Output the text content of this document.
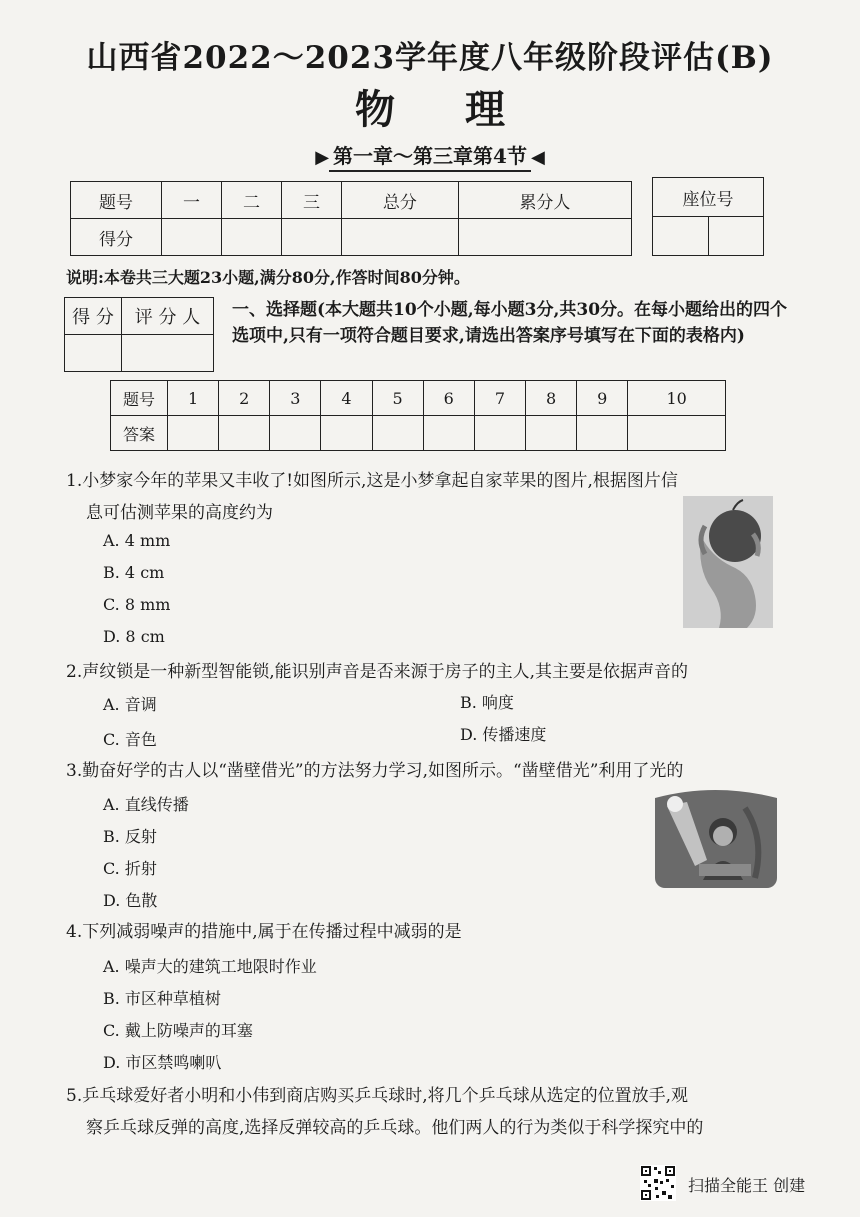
山西省2022～2023学年度八年级阶段评估(B)
物理
▶ 第一章～第三章第4节 ◀
题号	一	二	三	总分	累分人
得分					
座位号

说明:本卷共三大题23小题,满分80分,作答时间80分钟。
得 分	评 分 人
	一、选择题(本大题共10个小题,每小题3分,共30分。在每小题给出的四个选项中,只有一项符合题目要求,请选出答案序号填写在下面的表格内)
题号	1	2	3	4	5	6	7	8	9	10
答案										
1.小梦家今年的苹果又丰收了!如图所示,这是小梦拿起自家苹果的图片,根据图片信
息可估测苹果的高度约为
A. 4 mm
B. 4 cm
C. 8 mm
D. 8 cm
2.声纹锁是一种新型智能锁,能识别声音是否来源于房子的主人,其主要是依据声音的
A. 音调	B. 响度
C. 音色	D. 传播速度
3.勤奋好学的古人以“凿壁借光”的方法努力学习,如图所示。“凿壁借光”利用了光的
A. 直线传播
B. 反射
C. 折射
D. 色散
4.下列减弱噪声的措施中,属于在传播过程中减弱的是
A. 噪声大的建筑工地限时作业
B. 市区种草植树
C. 戴上防噪声的耳塞
D. 市区禁鸣喇叭
5.乒乓球爱好者小明和小伟到商店购买乒乓球时,将几个乒乓球从选定的位置放手,观
察乒乓球反弹的高度,选择反弹较高的乒乓球。他们两人的行为类似于科学探究中的
扫描全能王 创建
